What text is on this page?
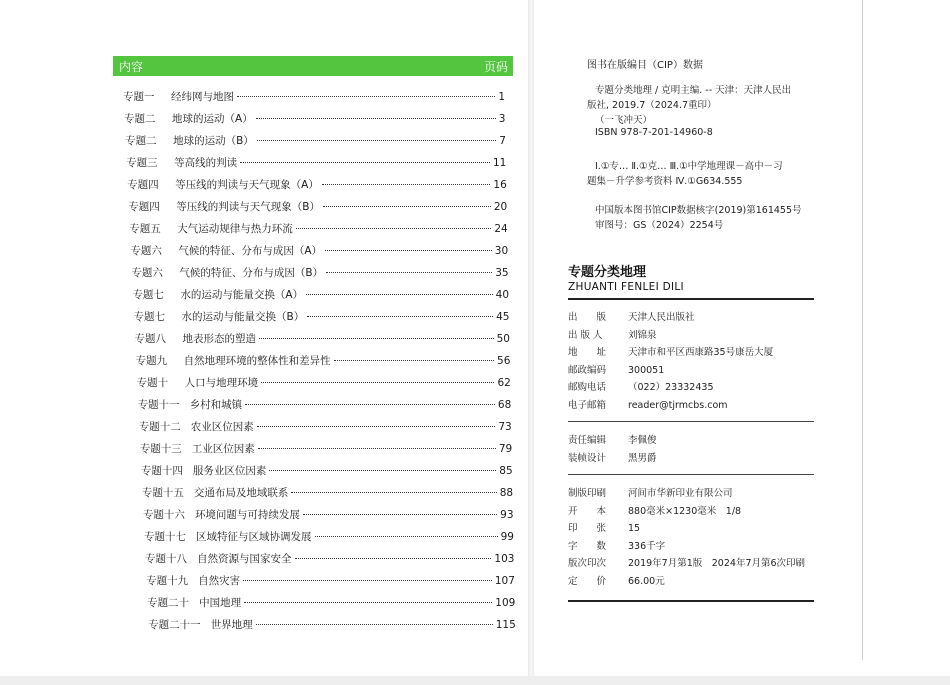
内容	页码
专题一	经纬网与地图	1
专题二	地球的运动（A）	3
专题二	地球的运动（B）	7
专题三	等高线的判读	11
专题四	等压线的判读与天气现象（A）	16
专题四	等压线的判读与天气现象（B）	20
专题五	大气运动规律与热力环流	24
专题六	气候的特征、分布与成因（A）	30
专题六	气候的特征、分布与成因（B）	35
专题七	水的运动与能量交换（A）	40
专题七	水的运动与能量交换（B）	45
专题八	地表形态的塑造	50
专题九	自然地理环境的整体性和差异性	56
专题十	人口与地理环境	62
专题十一 乡村和城镇	68
专题十二 农业区位因素	73
专题十三 工业区位因素	79
专题十四 服务业区位因素	85
专题十五 交通布局及地域联系	88
专题十六 环境问题与可持续发展	93
专题十七 区域特征与区域协调发展	99
专题十八 自然资源与国家安全	103
专题十九 自然灾害	107
专题二十 中国地理	109
专题二十一 世界地理	115
图书在版编目（CIP）数据
专题分类地理 / 克明主编. -- 天津：天津人民出
版社, 2019.7（2024.7重印）
（一飞冲天）
ISBN 978-7-201-14960-8
Ⅰ.①专… Ⅱ.①克… Ⅲ.①中学地理课－高中－习
题集－升学参考资料 Ⅳ.①G634.555
中国版本图书馆CIP数据核字(2019)第161455号
审图号：GS（2024）2254号
专题分类地理
ZHUANTI FENLEI DILI
出　　版	天津人民出版社
出 版 人	刘锦泉
地　　址	天津市和平区西康路35号康岳大厦
邮政编码	300051
邮购电话	（022）23332435
电子邮箱	reader@tjrmcbs.com
责任编辑	李佩俊
装帧设计	黑男爵
制版印刷	河间市华新印业有限公司
开　　本	880毫米×1230毫米　1/8
印　　张	15
字　　数	336千字
版次印次	2019年7月第1版　2024年7月第6次印刷
定　　价	66.00元
